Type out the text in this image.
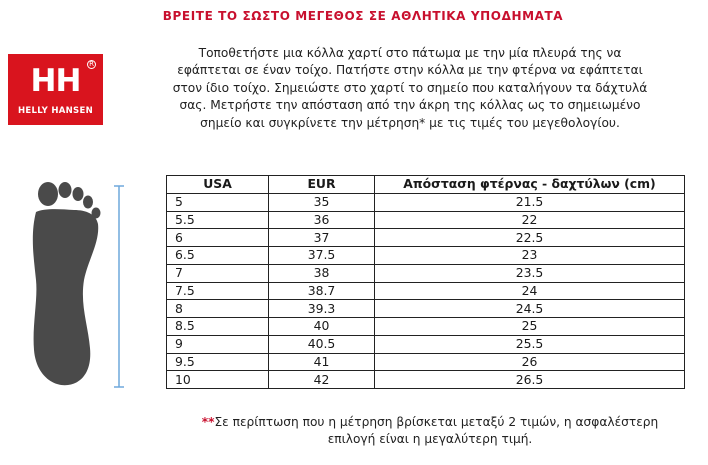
ΒΡΕΙΤΕ ΤΟ ΣΩΣΤΟ ΜΕΓΕΘΟΣ ΣΕ ΑΘΛΗΤΙΚΑ ΥΠΟΔΗΜΑΤΑ
HH	R
HELLY HANSEN
Τοποθετήστε μια κόλλα χαρτί στο πάτωμα με την μία πλευρά της να
εφάπτεται σε έναν τοίχο. Πατήστε στην κόλλα με την φτέρνα να εφάπτεται
στον ίδιο τοίχο. Σημειώστε στο χαρτί το σημείο που καταλήγουν τα δάχτυλά
σας. Μετρήστε την απόσταση από την άκρη της κόλλας ως το σημειωμένο
σημείο και συγκρίνετε την μέτρηση* με τις τιμές του μεγεθολογίου.
USA	EUR	Απόσταση φτέρνας - δαχτύλων (cm)
5	35	21.5
5.5	36	22
6	37	22.5
6.5	37.5	23
7	38	23.5
7.5	38.7	24
8	39.3	24.5
8.5	40	25
9	40.5	25.5
9.5	41	26
10	42	26.5
**Σε περίπτωση που η μέτρηση βρίσκεται μεταξύ 2 τιμών, η ασφαλέστερη
επιλογή είναι η μεγαλύτερη τιμή.
